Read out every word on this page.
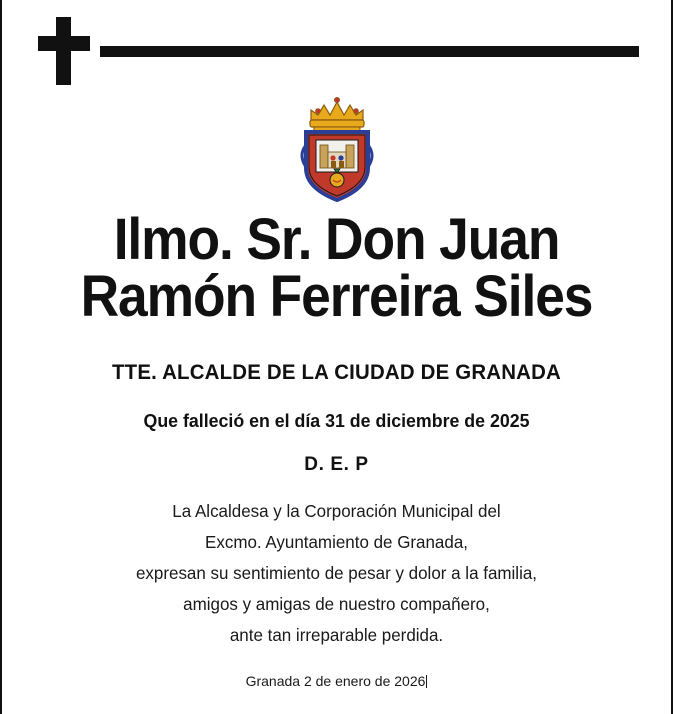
Ilmo. Sr. Don Juan
Ramón Ferreira Siles
TTE. ALCALDE DE LA CIUDAD DE GRANADA
Que falleció en el día 31 de diciembre de 2025
D. E. P
La Alcaldesa y la Corporación Municipal del
Excmo. Ayuntamiento de Granada,
expresan su sentimiento de pesar y dolor a la familia,
amigos y amigas de nuestro compañero,
ante tan irreparable perdida.
Granada 2 de enero de 2026
